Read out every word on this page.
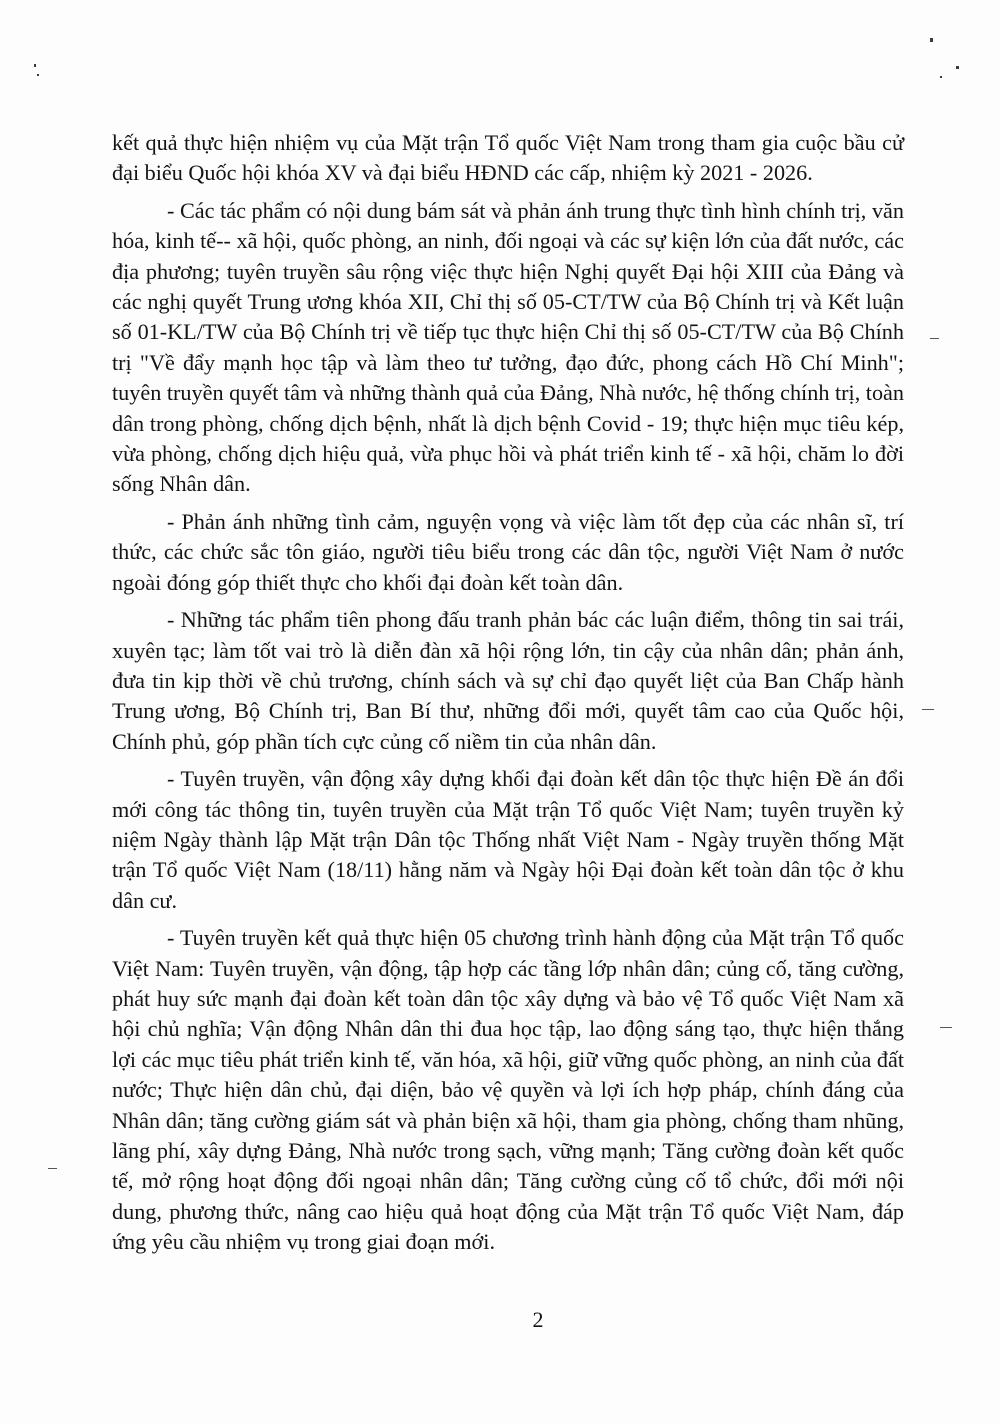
kết quả thực hiện nhiệm vụ của Mặt trận Tổ quốc Việt Nam trong tham gia cuộc bầu cử đại biểu Quốc hội khóa XV và đại biểu HĐND các cấp, nhiệm kỳ 2021 - 2026.

- Các tác phẩm có nội dung bám sát và phản ánh trung thực tình hình chính trị, văn hóa, kinh tế-- xã hội, quốc phòng, an ninh, đối ngoại và các sự kiện lớn của đất nước, các địa phương; tuyên truyền sâu rộng việc thực hiện Nghị quyết Đại hội XIII của Đảng và các nghị quyết Trung ương khóa XII, Chỉ thị số 05-CT/TW của Bộ Chính trị và Kết luận số 01-KL/TW của Bộ Chính trị về tiếp tục thực hiện Chỉ thị số 05-CT/TW của Bộ Chính trị "Về đẩy mạnh học tập và làm theo tư tưởng, đạo đức, phong cách Hồ Chí Minh"; tuyên truyền quyết tâm và những thành quả của Đảng, Nhà nước, hệ thống chính trị, toàn dân trong phòng, chống dịch bệnh, nhất là dịch bệnh Covid - 19; thực hiện mục tiêu kép, vừa phòng, chống dịch hiệu quả, vừa phục hồi và phát triển kinh tế - xã hội, chăm lo đời sống Nhân dân.

- Phản ánh những tình cảm, nguyện vọng và việc làm tốt đẹp của các nhân sĩ, trí thức, các chức sắc tôn giáo, người tiêu biểu trong các dân tộc, người Việt Nam ở nước ngoài đóng góp thiết thực cho khối đại đoàn kết toàn dân.

- Những tác phẩm tiên phong đấu tranh phản bác các luận điểm, thông tin sai trái, xuyên tạc; làm tốt vai trò là diễn đàn xã hội rộng lớn, tin cậy của nhân dân; phản ánh, đưa tin kịp thời về chủ trương, chính sách và sự chỉ đạo quyết liệt của Ban Chấp hành Trung ương, Bộ Chính trị, Ban Bí thư, những đổi mới, quyết tâm cao của Quốc hội, Chính phủ, góp phần tích cực củng cố niềm tin của nhân dân.

- Tuyên truyền, vận động xây dựng khối đại đoàn kết dân tộc thực hiện Đề án đổi mới công tác thông tin, tuyên truyền của Mặt trận Tổ quốc Việt Nam; tuyên truyền kỷ niệm Ngày thành lập Mặt trận Dân tộc Thống nhất Việt Nam - Ngày truyền thống Mặt trận Tổ quốc Việt Nam (18/11) hằng năm và Ngày hội Đại đoàn kết toàn dân tộc ở khu dân cư.

- Tuyên truyền kết quả thực hiện 05 chương trình hành động của Mặt trận Tổ quốc Việt Nam: Tuyên truyền, vận động, tập hợp các tầng lớp nhân dân; củng cố, tăng cường, phát huy sức mạnh đại đoàn kết toàn dân tộc xây dựng và bảo vệ Tổ quốc Việt Nam xã hội chủ nghĩa; Vận động Nhân dân thi đua học tập, lao động sáng tạo, thực hiện thắng lợi các mục tiêu phát triển kinh tế, văn hóa, xã hội, giữ vững quốc phòng, an ninh của đất nước; Thực hiện dân chủ, đại diện, bảo vệ quyền và lợi ích hợp pháp, chính đáng của Nhân dân; tăng cường giám sát và phản biện xã hội, tham gia phòng, chống tham nhũng, lãng phí, xây dựng Đảng, Nhà nước trong sạch, vững mạnh; Tăng cường đoàn kết quốc tế, mở rộng hoạt động đối ngoại nhân dân; Tăng cường củng cố tổ chức, đổi mới nội dung, phương thức, nâng cao hiệu quả hoạt động của Mặt trận Tổ quốc Việt Nam, đáp ứng yêu cầu nhiệm vụ trong giai đoạn mới.

2
